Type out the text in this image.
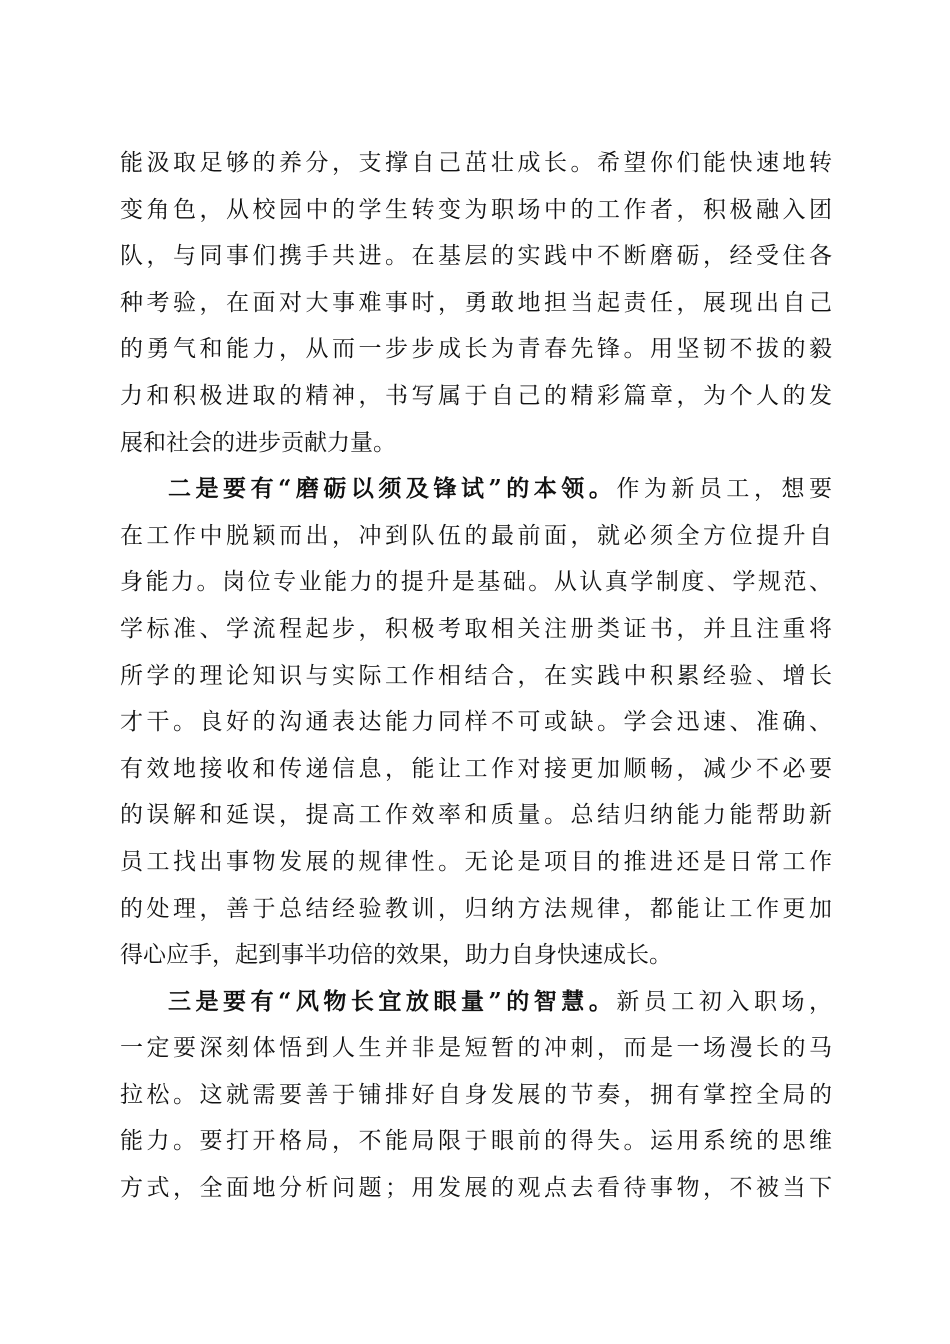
能汲取足够的养分，支撑自己茁壮成长。希望你们能快速地转
变角色，从校园中的学生转变为职场中的工作者，积极融入团
队，与同事们携手共进。在基层的实践中不断磨砺，经受住各
种考验，在面对大事难事时，勇敢地担当起责任，展现出自己
的勇气和能力，从而一步步成长为青春先锋。用坚韧不拔的毅
力和积极进取的精神，书写属于自己的精彩篇章，为个人的发
展和社会的进步贡献力量。
二是要有“磨砺以须及锋试”的本领。作为新员工，想要
在工作中脱颖而出，冲到队伍的最前面，就必须全方位提升自
身能力。岗位专业能力的提升是基础。从认真学制度、学规范、
学标准、学流程起步，积极考取相关注册类证书，并且注重将
所学的理论知识与实际工作相结合，在实践中积累经验、增长
才干。良好的沟通表达能力同样不可或缺。学会迅速、准确、
有效地接收和传递信息，能让工作对接更加顺畅，减少不必要
的误解和延误，提高工作效率和质量。总结归纳能力能帮助新
员工找出事物发展的规律性。无论是项目的推进还是日常工作
的处理，善于总结经验教训，归纳方法规律，都能让工作更加
得心应手，起到事半功倍的效果，助力自身快速成长。
三是要有“风物长宜放眼量”的智慧。新员工初入职场，
一定要深刻体悟到人生并非是短暂的冲刺，而是一场漫长的马
拉松。这就需要善于铺排好自身发展的节奏，拥有掌控全局的
能力。要打开格局，不能局限于眼前的得失。运用系统的思维
方式，全面地分析问题；用发展的观点去看待事物，不被当下
